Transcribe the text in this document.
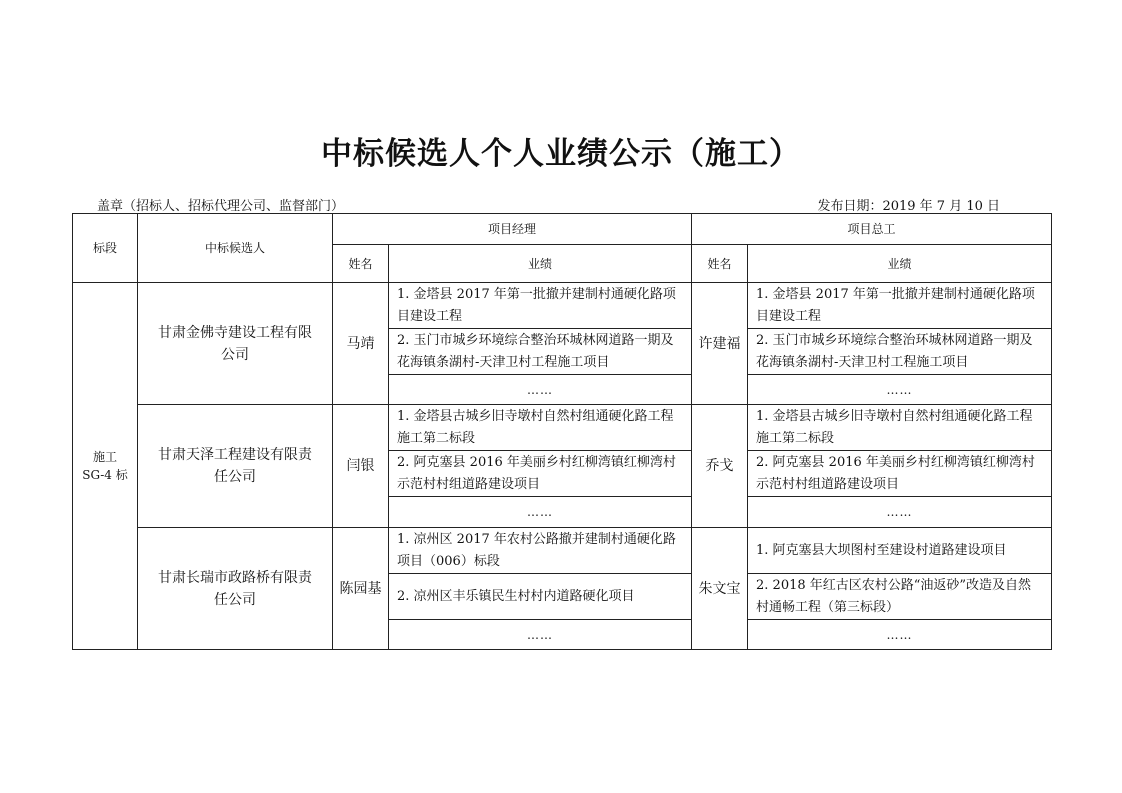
中标候选人个人业绩公示（施工）
盖章（招标人、招标代理公司、监督部门）	发布日期：2019 年 7 月 10 日
标段	中标候选人	项目经理		项目总工	
		姓名	业绩	姓名	业绩
施工
SG-4 标	甘肃金佛寺建设工程有限公司	马靖	1. 金塔县 2017 年第一批撤并建制村通硬化路项目建设工程	许建福	1. 金塔县 2017 年第一批撤并建制村通硬化路项目建设工程
			2. 玉门市城乡环境综合整治环城林网道路一期及花海镇条湖村-天津卫村工程施工项目		2. 玉门市城乡环境综合整治环城林网道路一期及花海镇条湖村-天津卫村工程施工项目
			……		……
	甘肃天泽工程建设有限责任公司	闫银	1. 金塔县古城乡旧寺墩村自然村组通硬化路工程施工第二标段	乔戈	1. 金塔县古城乡旧寺墩村自然村组通硬化路工程施工第二标段
			2. 阿克塞县 2016 年美丽乡村红柳湾镇红柳湾村示范村村组道路建设项目		2. 阿克塞县 2016 年美丽乡村红柳湾镇红柳湾村示范村村组道路建设项目
			……		……
	甘肃长瑞市政路桥有限责任公司	陈园基	1. 凉州区 2017 年农村公路撤并建制村通硬化路项目（006）标段	朱文宝	1. 阿克塞县大坝图村至建设村道路建设项目
			2. 凉州区丰乐镇民生村村内道路硬化项目		2. 2018 年红古区农村公路“油返砂”改造及自然村通畅工程（第三标段）
			……		……
